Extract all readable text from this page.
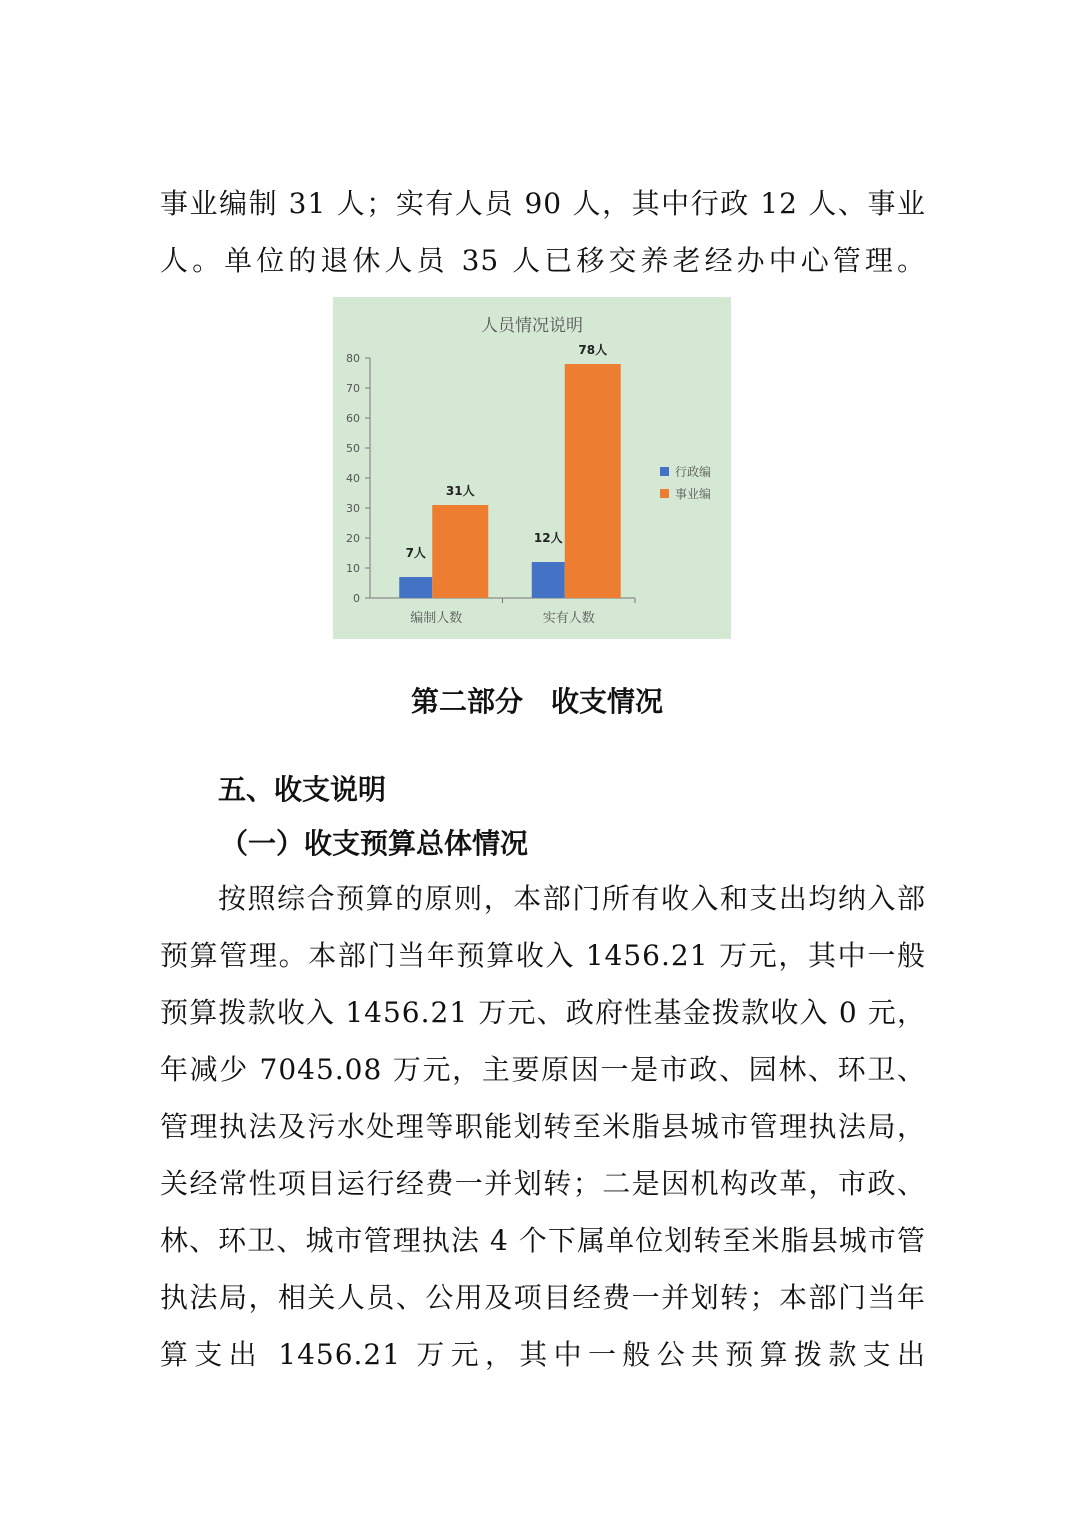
事业编制 31 人；实有人员 90 人，其中行政 12 人、事业
人。单位的退休人员 35 人已移交养老经办中心管理。
人员情况说明
0
10
20
30
40
50
60
70
80
编制人数
7人
31人
实有人数
12人
78人
行政编
事业编
第二部分　收支情况
五、收支说明
（一）收支预算总体情况
按照综合预算的原则，本部门所有收入和支出均纳入部
预算管理。本部门当年预算收入 1456.21 万元，其中一般
预算拨款收入 1456.21 万元、政府性基金拨款收入 0 元，
年减少 7045.08 万元，主要原因一是市政、园林、环卫、
管理执法及污水处理等职能划转至米脂县城市管理执法局，
关经常性项目运行经费一并划转；二是因机构改革，市政、
林、环卫、城市管理执法 4 个下属单位划转至米脂县城市管
执法局，相关人员、公用及项目经费一并划转；本部门当年
算支出 1456.21 万元，其中一般公共预算拨款支出
